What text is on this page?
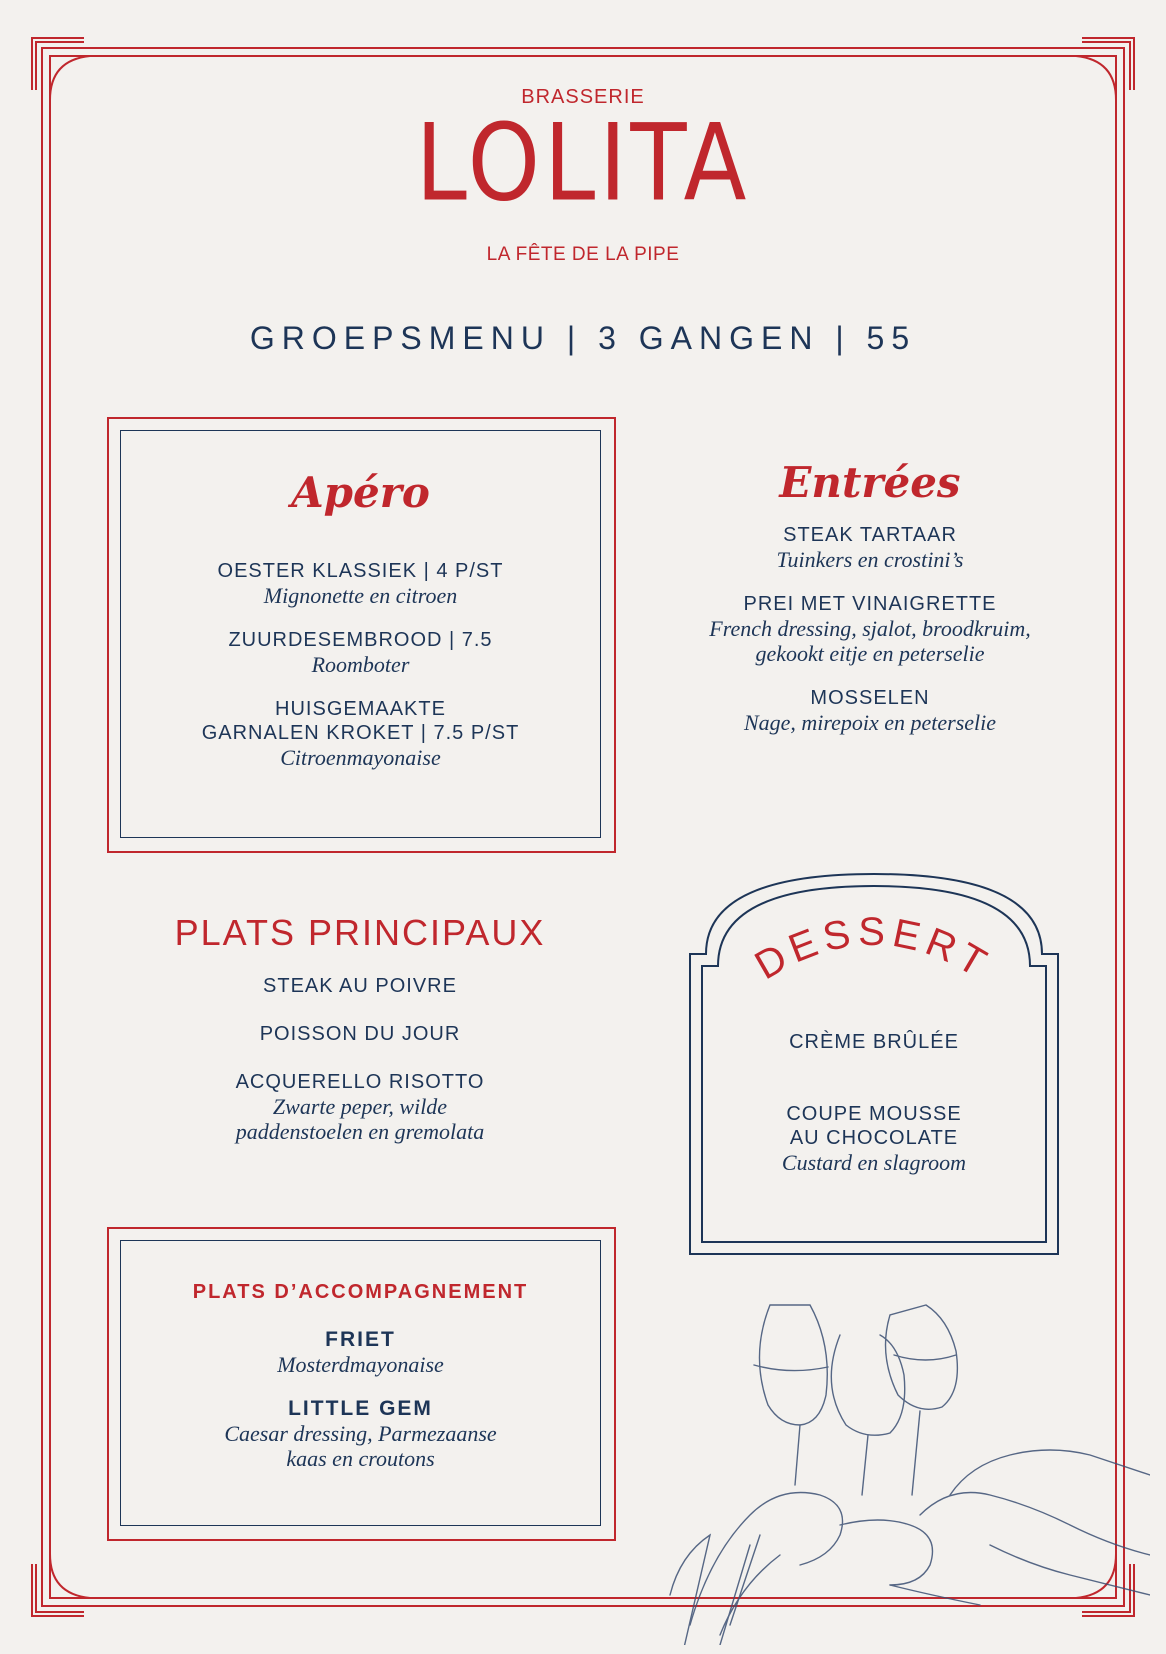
BRASSERIE
LOLITA
LA FÊTE DE LA PIPE
GROEPSMENU | 3 GANGEN | 55
Apéro
OESTER KLASSIEK | 4 P/ST
Mignonette en citroen
ZUURDESEMBROOD | 7.5
Roomboter
HUISGEMAAKTE
GARNALEN KROKET | 7.5 P/ST
Citroenmayonaise
Entrées
STEAK TARTAAR
Tuinkers en crostini’s
PREI MET VINAIGRETTE
French dressing, sjalot, broodkruim,
gekookt eitje en peterselie
MOSSELEN
Nage, mirepoix en peterselie
PLATS PRINCIPAUX
STEAK AU POIVRE
POISSON DU JOUR
ACQUERELLO RISOTTO
Zwarte peper, wilde
paddenstoelen en gremolata
DESSERT
CRÈME BRÛLÉE
COUPE MOUSSE
AU CHOCOLATE
Custard en slagroom
PLATS D’ACCOMPAGNEMENT
FRIET
Mosterdmayonaise
LITTLE GEM
Caesar dressing, Parmezaanse
kaas en croutons
